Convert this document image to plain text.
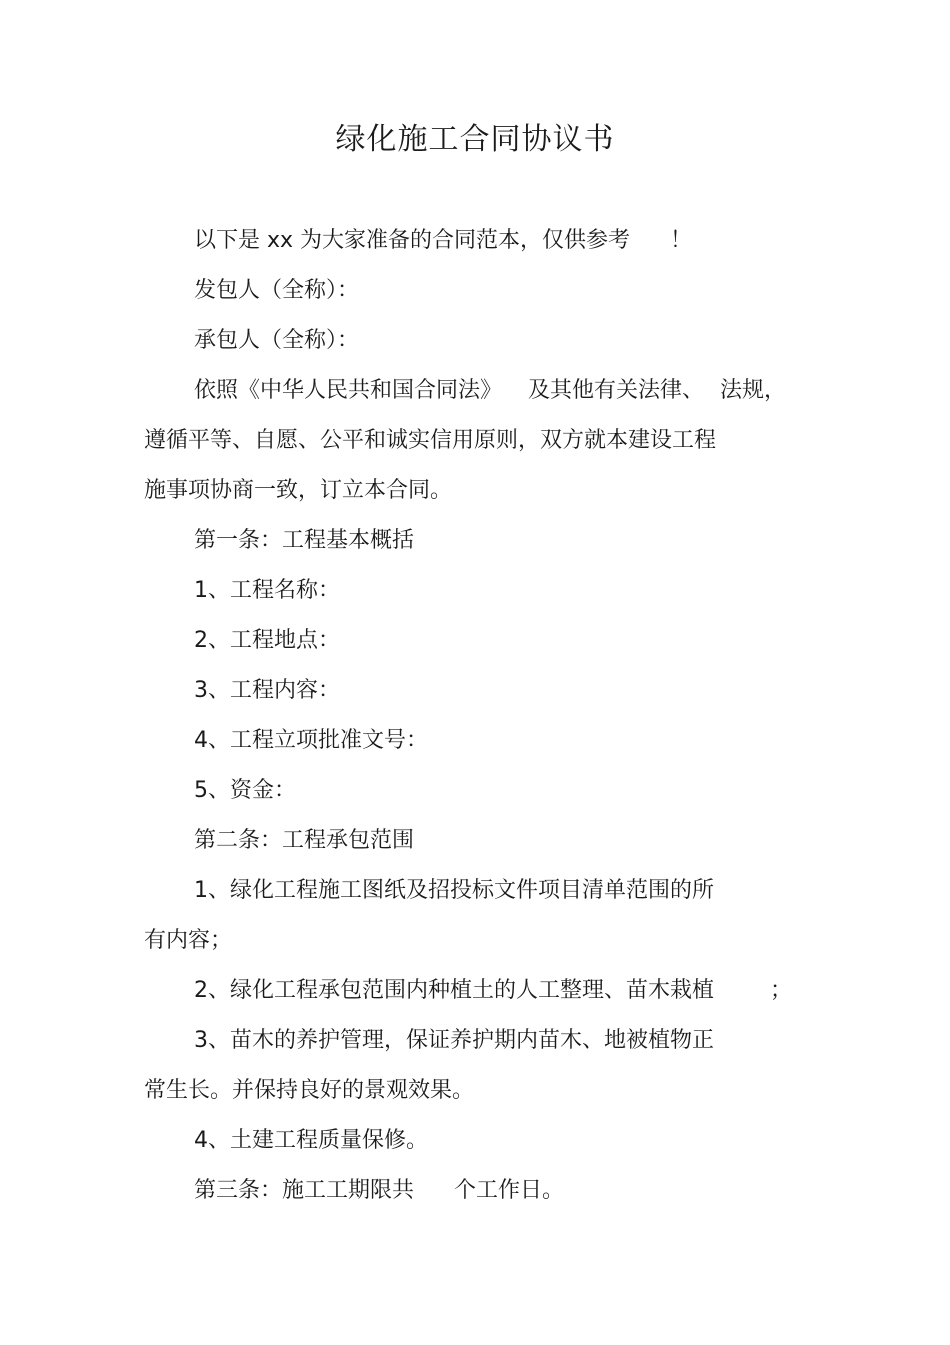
绿化施工合同协议书
以下是 xx 为大家准备的合同范本，仅供参考 ！
发包人（全称）：
承包人（全称）：
依照《中华人民共和国合同法》 及其他有关法律、 法规，
遵循平等、自愿、公平和诚实信用原则，双方就本建设工程
施事项协商一致，订立本合同。
第一条：工程基本概括
1、工程名称：
2、工程地点：
3、工程内容：
4、工程立项批准文号：
5、资金：
第二条：工程承包范围
1、绿化工程施工图纸及招投标文件项目清单范围的所
有内容；
2、绿化工程承包范围内种植土的人工整理、苗木栽植	；
3、苗木的养护管理，保证养护期内苗木、地被植物正
常生长。并保持良好的景观效果。
4、土建工程质量保修。
第三条：施工工期限共 个工作日。
